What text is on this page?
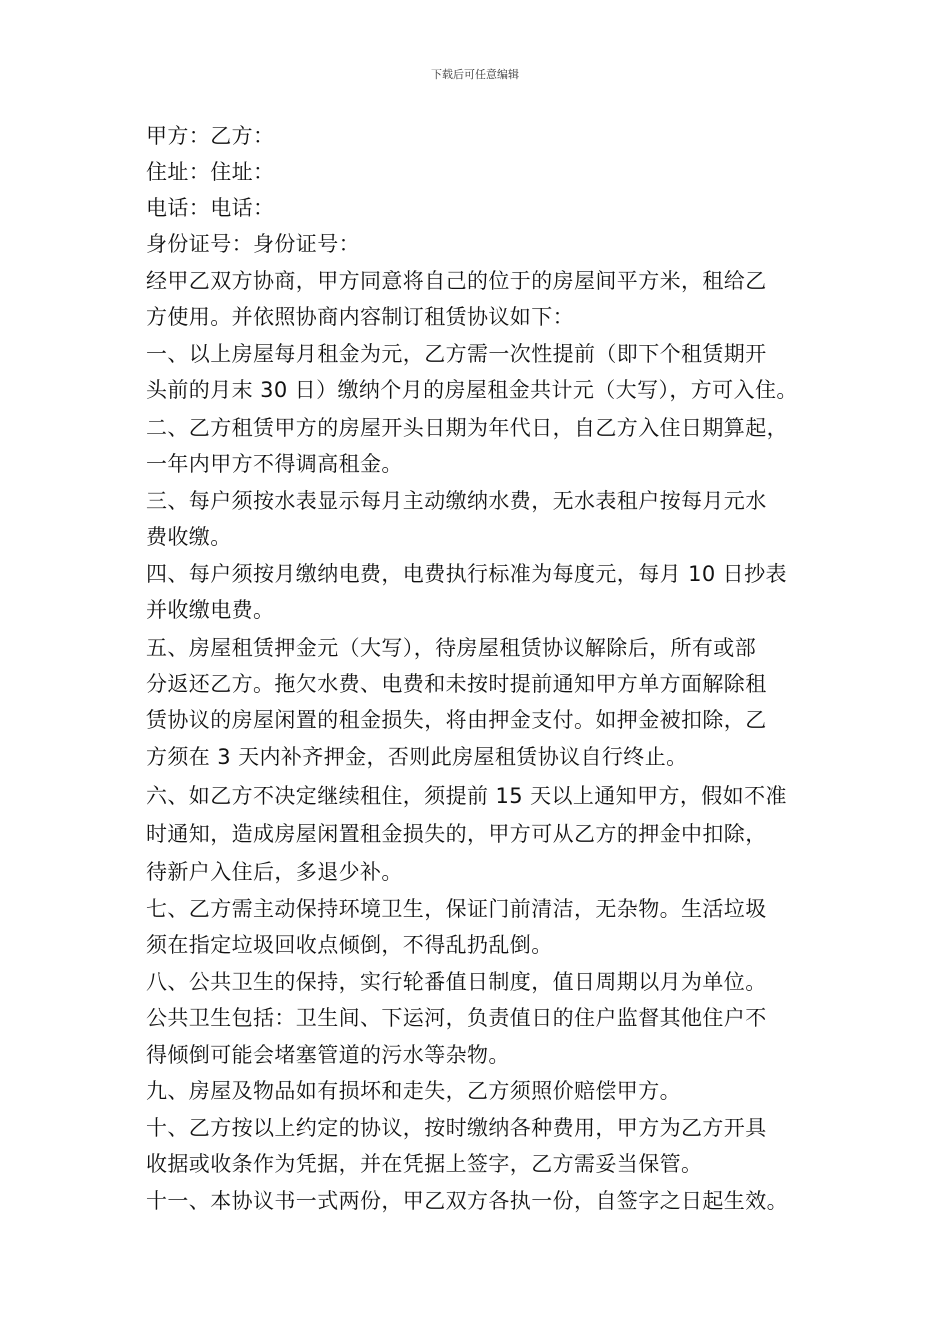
下载后可任意编辑
甲方：乙方：
住址：住址：
电话：电话：
身份证号：身份证号：
经甲乙双方协商，甲方同意将自己的位于的房屋间平方米，租给乙
方使用。并依照协商内容制订租赁协议如下：
一、以上房屋每月租金为元，乙方需一次性提前（即下个租赁期开
头前的月末 30 日）缴纳个月的房屋租金共计元（大写），方可入住。
二、乙方租赁甲方的房屋开头日期为年代日，自乙方入住日期算起，
一年内甲方不得调高租金。
三、每户须按水表显示每月主动缴纳水费，无水表租户按每月元水
费收缴。
四、每户须按月缴纳电费，电费执行标准为每度元，每月 10 日抄表
并收缴电费。
五、房屋租赁押金元（大写），待房屋租赁协议解除后，所有或部
分返还乙方。拖欠水费、电费和未按时提前通知甲方单方面解除租
赁协议的房屋闲置的租金损失，将由押金支付。如押金被扣除，乙
方须在 3 天内补齐押金，否则此房屋租赁协议自行终止。
六、如乙方不决定继续租住，须提前 15 天以上通知甲方，假如不准
时通知，造成房屋闲置租金损失的，甲方可从乙方的押金中扣除，
待新户入住后，多退少补。
七、乙方需主动保持环境卫生，保证门前清洁，无杂物。生活垃圾
须在指定垃圾回收点倾倒，不得乱扔乱倒。
八、公共卫生的保持，实行轮番值日制度，值日周期以月为单位。
公共卫生包括：卫生间、下运河，负责值日的住户监督其他住户不
得倾倒可能会堵塞管道的污水等杂物。
九、房屋及物品如有损坏和走失，乙方须照价赔偿甲方。
十、乙方按以上约定的协议，按时缴纳各种费用，甲方为乙方开具
收据或收条作为凭据，并在凭据上签字，乙方需妥当保管。
十一、本协议书一式两份，甲乙双方各执一份，自签字之日起生效。
